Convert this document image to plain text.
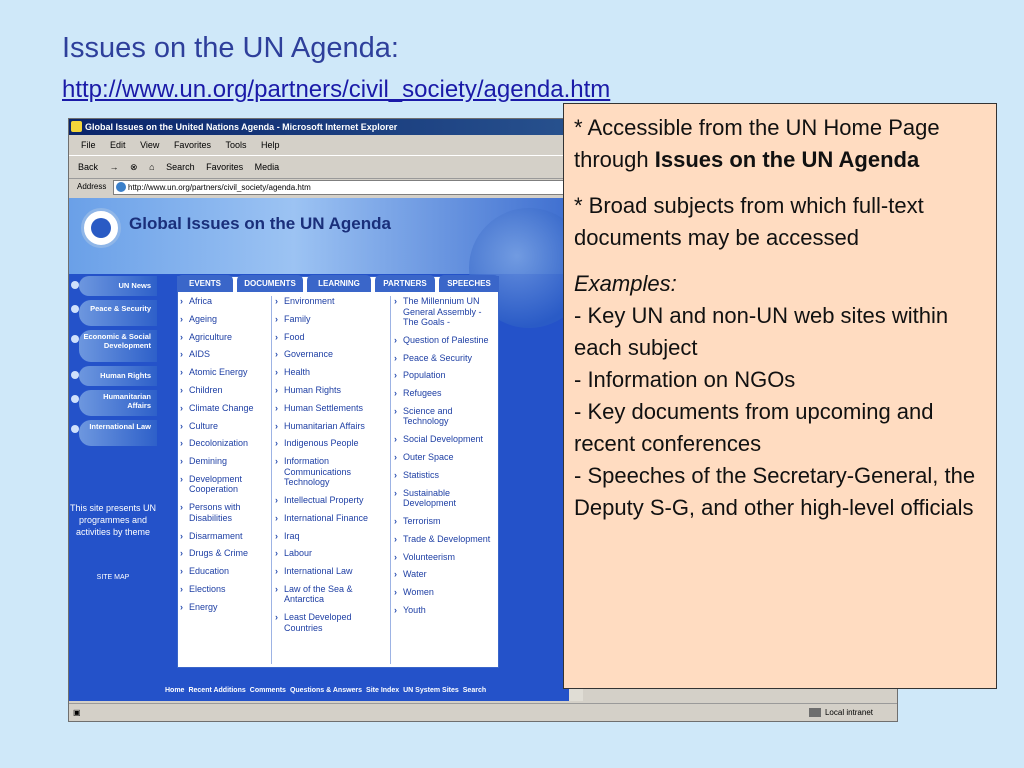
Issues on the UN Agenda:
http://www.un.org/partners/civil_society/agenda.htm
Global Issues on the United Nations Agenda - Microsoft Internet Explorer
File Edit View Favorites Tools Help
Back → ⊗ ⌂ Search Favorites Media
Address	http://www.un.org/partners/civil_society/agenda.htm
Global Issues on the UN Agenda
UN News
Peace & Security
Economic & Social Development
Human Rights
Humanitarian Affairs
International Law
This site presents UN programmes and activities by theme
SITE MAP
EVENTS	DOCUMENTS	LEARNING	PARTNERS	SPEECHES
› Africa
› Ageing
› Agriculture
› AIDS
› Atomic Energy
› Children
› Climate Change
› Culture
› Decolonization
› Demining
› Development Cooperation
› Persons with Disabilities
› Disarmament
› Drugs & Crime
› Education
› Elections
› Energy
› Environment
› Family
› Food
› Governance
› Health
› Human Rights
› Human Settlements
› Humanitarian Affairs
› Indigenous People
› Information Communications Technology
› Intellectual Property
› International Finance
› Iraq
› Labour
› International Law
› Law of the Sea & Antarctica
› Least Developed Countries
› The Millennium UN General Assembly - The Goals -
› Question of Palestine
› Peace & Security
› Population
› Refugees
› Science and Technology
› Social Development
› Outer Space
› Statistics
› Sustainable Development
› Terrorism
› Trade & Development
› Volunteerism
› Water
› Women
› Youth
Home Recent Additions Comments Questions & Answers Site Index UN System Sites Search
▣	Local intranet

* Accessible from the UN Home Page through Issues on the UN Agenda

* Broad subjects from which full-text documents may be accessed

Examples:
- Key UN and non-UN web sites within each subject
- Information on NGOs
- Key documents from upcoming and recent conferences
- Speeches of the Secretary-General, the Deputy S-G, and other high-level officials
